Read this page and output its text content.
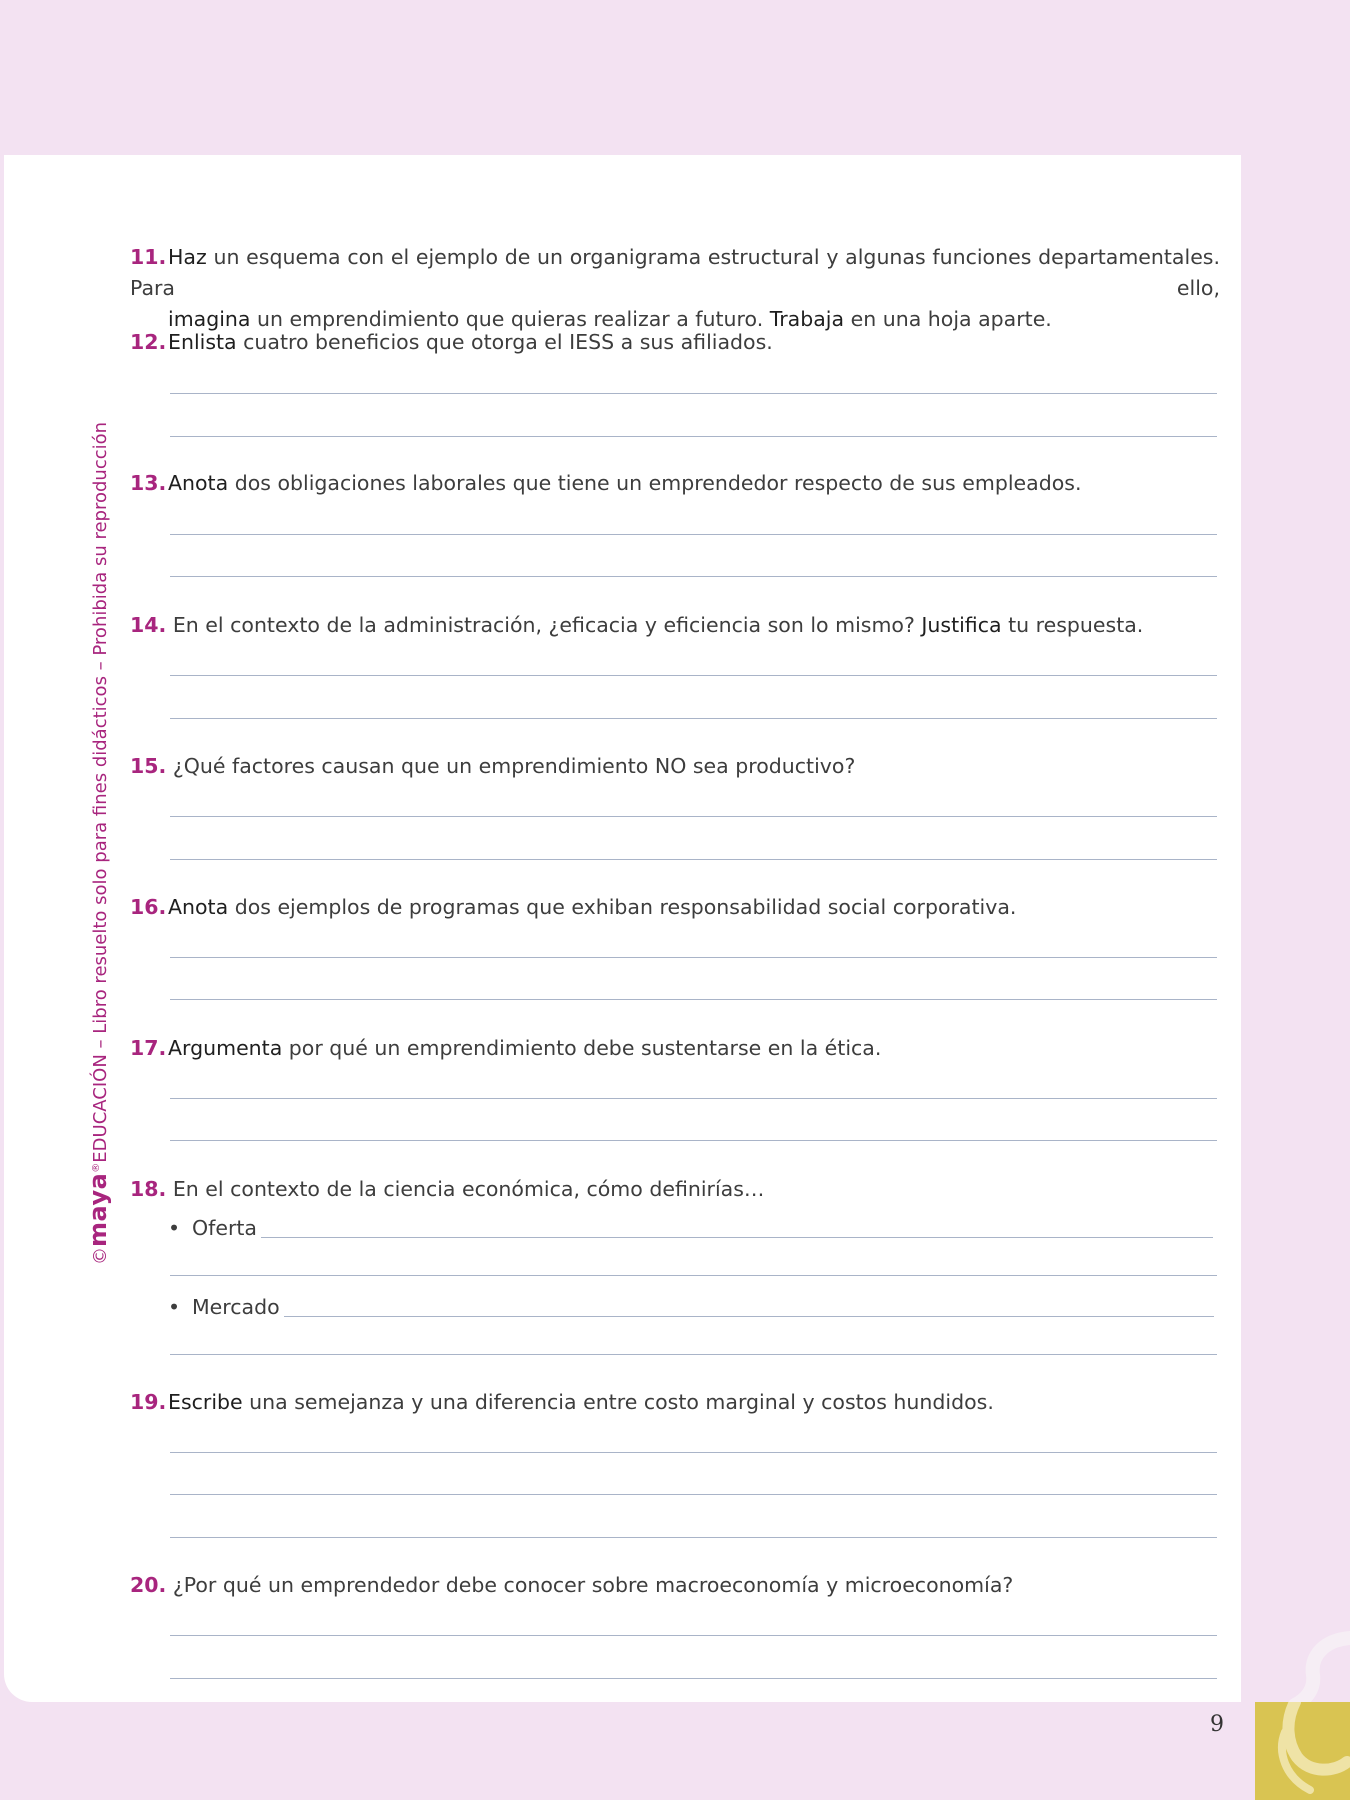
©maya®EDUCACIÓN – Libro resuelto solo para fines didácticos – Prohibida su reproducción
11.Haz un esquema con el ejemplo de un organigrama estructural y algunas funciones departamentales. Para ello,
imagina un emprendimiento que quieras realizar a futuro. Trabaja en una hoja aparte.
12.Enlista cuatro beneficios que otorga el IESS a sus afiliados.
13.Anota dos obligaciones laborales que tiene un emprendedor respecto de sus empleados.
14. En el contexto de la administración, ¿eficacia y eficiencia son lo mismo? Justifica tu respuesta.
15. ¿Qué factores causan que un emprendimiento NO sea productivo?
16.Anota dos ejemplos de programas que exhiban responsabilidad social corporativa.
17.Argumenta por qué un emprendimiento debe sustentarse en la ética.
18. En el contexto de la ciencia económica, cómo definirías…
• Oferta
• Mercado
19.Escribe una semejanza y una diferencia entre costo marginal y costos hundidos.
20. ¿Por qué un emprendedor debe conocer sobre macroeconomía y microeconomía?
9
